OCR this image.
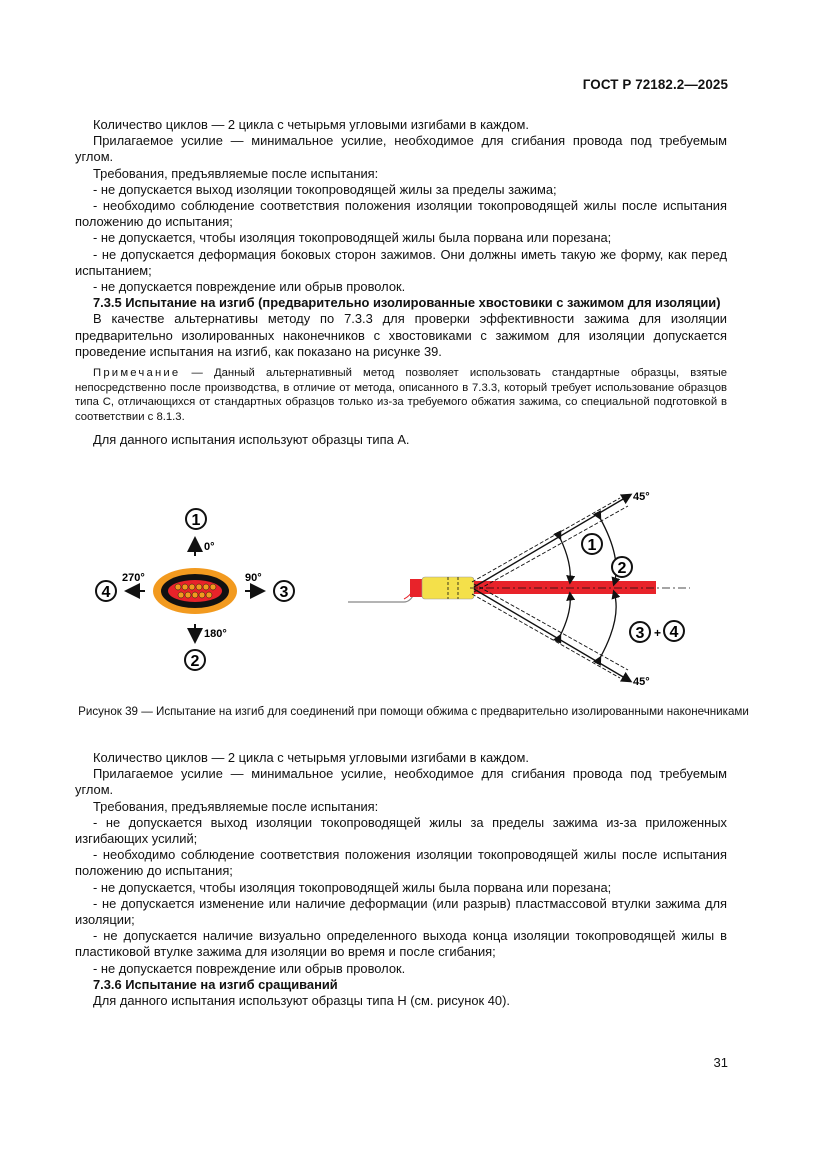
ГОСТ Р 72182.2—2025

Количество циклов — 2 цикла с четырьмя угловыми изгибами в каждом.

Прилагаемое усилие — минимальное усилие, необходимое для сгибания провода под требуемым углом.

Требования, предъявляемые после испытания:

- не допускается выход изоляции токопроводящей жилы за пределы зажима;

- необходимо соблюдение соответствия положения изоляции токопроводящей жилы после испытания положению до испытания;

- не допускается, чтобы изоляция токопроводящей жилы была порвана или порезана;

- не допускается деформация боковых сторон зажимов. Они должны иметь такую же форму, как перед испытанием;

- не допускается повреждение или обрыв проволок.

7.3.5 Испытание на изгиб (предварительно изолированные хвостовики с зажимом для изоляции)

В качестве альтернативы методу по 7.3.3 для проверки эффективности зажима для изоляции предварительно изолированных наконечников с хвостовиками с зажимом для изоляции допускается проведение испытания на изгиб, как показано на рисунке 39.

Примечание — Данный альтернативный метод позволяет использовать стандартные образцы, взятые непосредственно после производства, в отличие от метода, описанного в 7.3.3, который требует использование образцов типа С, отличающихся от стандартных образцов только из-за требуемого обжатия зажима, со специальной подготовкой в соответствии с 8.1.3.

Для данного испытания используют образцы типа А.

1
2
3
4
0°
180°
90°
270°
45°
45°
1
2
3 + 4
Рисунок 39 — Испытание на изгиб для соединений при помощи обжима с предварительно изолированными наконечниками

Количество циклов — 2 цикла с четырьмя угловыми изгибами в каждом.

Прилагаемое усилие — минимальное усилие, необходимое для сгибания провода под требуемым углом.

Требования, предъявляемые после испытания:

- не допускается выход изоляции токопроводящей жилы за пределы зажима из-за приложенных изгибающих усилий;

- необходимо соблюдение соответствия положения изоляции токопроводящей жилы после испытания положению до испытания;

- не допускается, чтобы изоляция токопроводящей жилы была порвана или порезана;

- не допускается изменение или наличие деформации (или разрыв) пластмассовой втулки зажима для изоляции;

- не допускается наличие визуально определенного выхода конца изоляции токопроводящей жилы в пластиковой втулке зажима для изоляции во время и после сгибания;

- не допускается повреждение или обрыв проволок.

7.3.6 Испытание на изгиб сращиваний

Для данного испытания используют образцы типа Н (см. рисунок 40).

31
